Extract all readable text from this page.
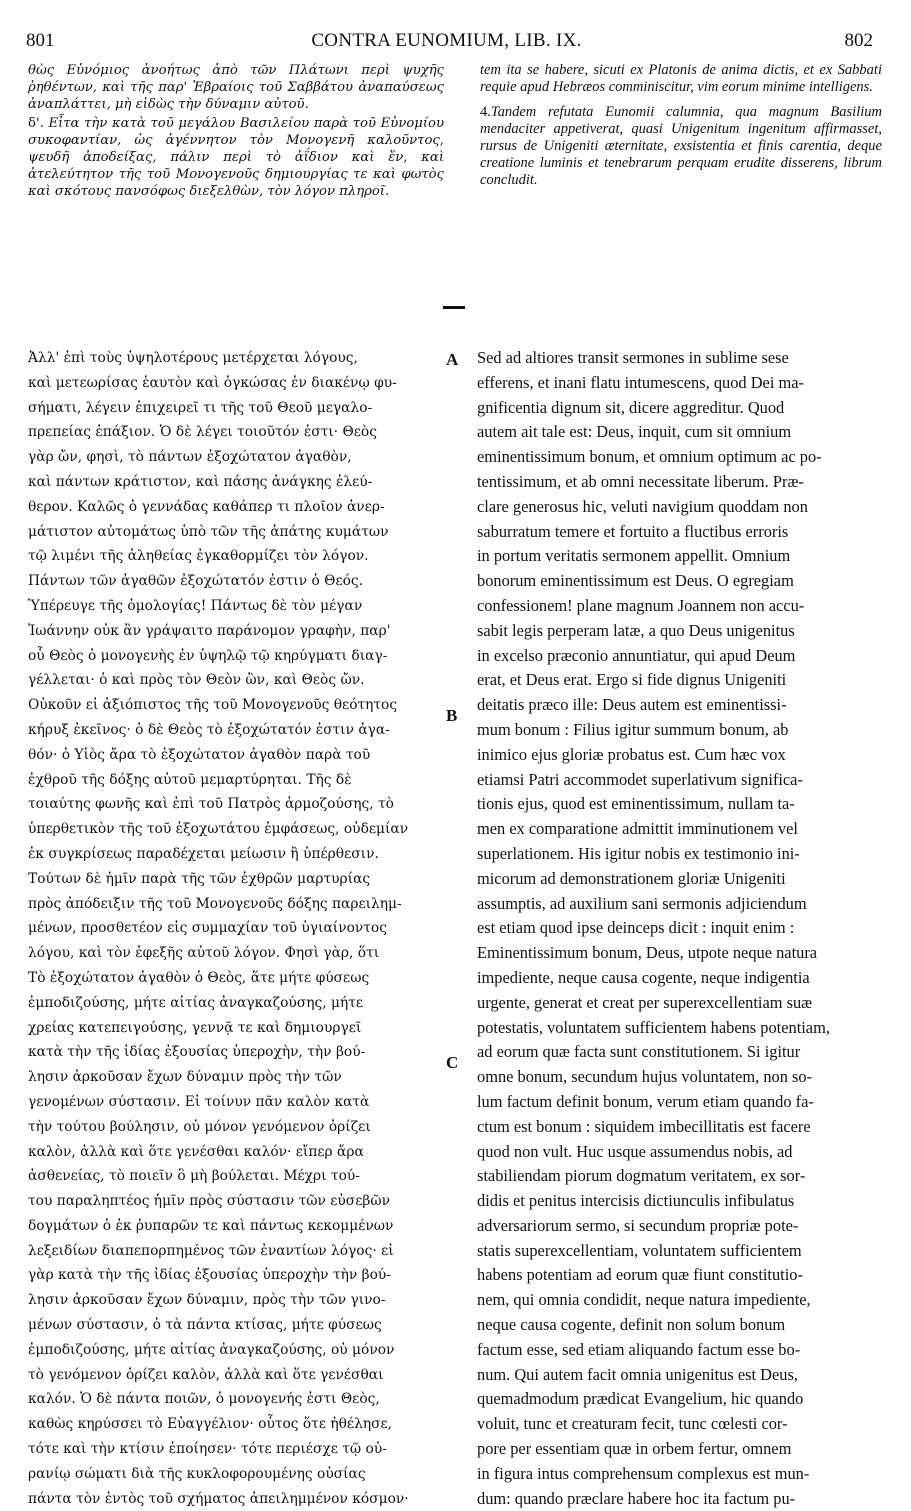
801	CONTRA EUNOMIUM, LIB. IX.	802

θὼς Εὐνόμιος ἀνοήτως ἀπὸ τῶν Πλάτωνι περὶ ψυχῆς ῥηθέντων, καὶ τῆς παρ' Ἑβραίοις τοῦ Σαββάτου ἀναπαύσεως ἀναπλάττει, μὴ εἰδὼς τὴν δύναμιν αὐτοῦ.

δ'. Εἶτα τὴν κατὰ τοῦ μεγάλου Βασιλείου παρὰ τοῦ Εὐνομίου συκοφαντίαν, ὡς ἀγέννητον τὸν Μονογενῆ καλοῦντος, ψευδῆ ἀποδείξας, πάλιν περὶ τὸ ἀΐδιον καὶ ἕν, καὶ ἀτελεύτητον τῆς τοῦ Μονογενοῦς δημιουργίας τε καὶ φωτὸς καὶ σκότους πανσόφως διεξελθὼν, τὸν λόγον πληροῖ.

tem ita se habere, sicuti ex Platonis de anima dictis, et ex Sabbati requie apud Hebræos comminiscitur, vim eorum minime intelligens.

4.Tandem refutata Eunomii calumnia, qua magnum Basilium mendaciter appetiverat, quasi Unigenitum ingenitum affirmasset, rursus de Unigeniti æternitate, exsistentia et finis carentia, deque creatione luminis et tenebrarum perquam erudite disserens, librum concludit.

Ἀλλ' ἐπὶ τοὺς ὑψηλοτέρους μετέρχεται λόγους,
καὶ μετεωρίσας ἑαυτὸν καὶ ὀγκώσας ἐν διακένῳ φυ-
σήματι, λέγειν ἐπιχειρεῖ τι τῆς τοῦ Θεοῦ μεγαλο-
πρεπείας ἐπάξιον. Ὁ δὲ λέγει τοιοῦτόν ἐστι· Θεὸς
γὰρ ὤν, φησὶ, τὸ πάντων ἐξοχώτατον ἀγαθὸν,
καὶ πάντων κράτιστον, καὶ πάσης ἀνάγκης ἐλεύ-
θερον. Καλῶς ὁ γεννάδας καθάπερ τι πλοῖον ἀνερ-
μάτιστον αὐτομάτως ὑπὸ τῶν τῆς ἀπάτης κυμάτων
τῷ λιμένι τῆς ἀληθείας ἐγκαθορμίζει τὸν λόγον.
Πάντων τῶν ἀγαθῶν ἐξοχώτατόν ἐστιν ὁ Θεός.
Ὑπέρευγε τῆς ὁμολογίας! Πάντως δὲ τὸν μέγαν
Ἰωάννην οὐκ ἂν γράψαιτο παράνομον γραφὴν, παρ'
οὗ Θεὸς ὁ μονογενὴς ἐν ὑψηλῷ τῷ κηρύγματι διαγ-
γέλλεται· ὁ καὶ πρὸς τὸν Θεὸν ὢν, καὶ Θεὸς ὤν.
Οὐκοῦν εἰ ἀξιόπιστος τῆς τοῦ Μονογενοῦς θεότητος
κήρυξ ἐκεῖνος· ὁ δὲ Θεὸς τὸ ἐξοχώτατόν ἐστιν ἀγα-
θόν· ὁ Υἱὸς ἄρα τὸ ἐξοχώτατον ἀγαθὸν παρὰ τοῦ
ἐχθροῦ τῆς δόξης αὐτοῦ μεμαρτύρηται. Τῆς δὲ
τοιαύτης φωνῆς καὶ ἐπὶ τοῦ Πατρὸς ἁρμοζούσης, τὸ
ὑπερθετικὸν τῆς τοῦ ἐξοχωτάτου ἐμφάσεως, οὐδεμίαν
ἐκ συγκρίσεως παραδέχεται μείωσιν ἢ ὑπέρθεσιν.
Τούτων δὲ ἡμῖν παρὰ τῆς τῶν ἐχθρῶν μαρτυρίας
πρὸς ἀπόδειξιν τῆς τοῦ Μονογενοῦς δόξης παρειλημ-
μένων, προσθετέον εἰς συμμαχίαν τοῦ ὑγιαίνοντος
λόγου, καὶ τὸν ἐφεξῆς αὐτοῦ λόγον. Φησὶ γὰρ, ὅτι
Τὸ ἐξοχώτατον ἀγαθὸν ὁ Θεὸς, ἅτε μήτε φύσεως
ἐμποδιζούσης, μήτε αἰτίας ἀναγκαζούσης, μήτε
χρείας κατεπειγούσης, γεννᾷ τε καὶ δημιουργεῖ
κατὰ τὴν τῆς ἰδίας ἐξουσίας ὑπεροχὴν, τὴν βού-
λησιν ἀρκοῦσαν ἔχων δύναμιν πρὸς τὴν τῶν
γενομένων σύστασιν. Εἰ τοίνυν πᾶν καλὸν κατὰ
τὴν τούτου βούλησιν, οὐ μόνον γενόμενον ὁρίζει
καλὸν, ἀλλὰ καὶ ὅτε γενέσθαι καλόν· εἴπερ ἄρα
ἀσθενείας, τὸ ποιεῖν ὃ μὴ βούλεται. Μέχρι τού-
του παραληπτέος ἡμῖν πρὸς σύστασιν τῶν εὐσεβῶν
δογμάτων ὁ ἐκ ῥυπαρῶν τε καὶ πάντως κεκομμένων
λεξειδίων διαπεπορπημένος τῶν ἐναντίων λόγος· εἰ
γὰρ κατὰ τὴν τῆς ἰδίας ἐξουσίας ὑπεροχὴν τὴν βού-
λησιν ἀρκοῦσαν ἔχων δύναμιν, πρὸς τὴν τῶν γινο-
μένων σύστασιν, ὁ τὰ πάντα κτίσας, μήτε φύσεως
ἐμποδιζούσης, μήτε αἰτίας ἀναγκαζούσης, οὐ μόνον
τὸ γενόμενον ὁρίζει καλὸν, ἀλλὰ καὶ ὅτε γενέσθαι
καλόν. Ὁ δὲ πάντα ποιῶν, ὁ μονογενής ἐστι Θεὸς,
καθὼς κηρύσσει τὸ Εὐαγγέλιον· οὗτος ὅτε ἠθέλησε,
τότε καὶ τὴν κτίσιν ἐποίησεν· τότε περιέσχε τῷ οὐ-
ρανίῳ σώματι διὰ τῆς κυκλοφορουμένης οὐσίας
πάντα τὸν ἐντὸς τοῦ σχήματος ἀπειλημμένον κόσμον·
Sed ad altiores transit sermones in sublime sese
efferens, et inani flatu intumescens, quod Dei ma-
gnificentia dignum sit, dicere aggreditur. Quod
autem ait tale est: Deus, inquit, cum sit omnium
eminentissimum bonum, et omnium optimum ac po-
tentissimum, et ab omni necessitate liberum. Præ-
clare generosus hic, veluti navigium quoddam non
saburratum temere et fortuito a fluctibus erroris
in portum veritatis sermonem appellit. Omnium
bonorum eminentissimum est Deus. O egregiam
confessionem! plane magnum Joannem non accu-
sabit legis perperam latæ, a quo Deus unigenitus
in excelso præconio annuntiatur, qui apud Deum
erat, et Deus erat. Ergo si fide dignus Unigeniti
deitatis præco ille: Deus autem est eminentissi-
mum bonum : Filius igitur summum bonum, ab
inimico ejus gloriæ probatus est. Cum hæc vox
etiamsi Patri accommodet superlativum significa-
tionis ejus, quod est eminentissimum, nullam ta-
men ex comparatione admittit imminutionem vel
superlationem. His igitur nobis ex testimonio ini-
micorum ad demonstrationem gloriæ Unigeniti
assumptis, ad auxilium sani sermonis adjiciendum
est etiam quod ipse deinceps dicit : inquit enim :
Eminentissimum bonum, Deus, utpote neque natura
impediente, neque causa cogente, neque indigentia
urgente, generat et creat per superexcellentiam suæ
potestatis, voluntatem sufficientem habens potentiam,
ad eorum quæ facta sunt constitutionem. Si igitur
omne bonum, secundum hujus voluntatem, non so-
lum factum definit bonum, verum etiam quando fa-
ctum est bonum : siquidem imbecillitatis est facere
quod non vult. Huc usque assumendus nobis, ad
stabiliendam piorum dogmatum veritatem, ex sor-
didis et penitus intercisis dictiunculis infibulatus
adversariorum sermo, si secundum propriæ pote-
statis superexcellentiam, voluntatem sufficientem
habens potentiam ad eorum quæ fiunt constitutio-
nem, qui omnia condidit, neque natura impediente,
neque causa cogente, definit non solum bonum
factum esse, sed etiam aliquando factum esse bo-
num. Qui autem facit omnia unigenitus est Deus,
quemadmodum prædicat Evangelium, hic quando
voluit, tunc et creaturam fecit, tunc cœlesti cor-
pore per essentiam quæ in orbem fertur, omnem
in figura intus comprehensum complexus est mun-
dum: quando præclare habere hoc ita factum pu-
A
B
C
